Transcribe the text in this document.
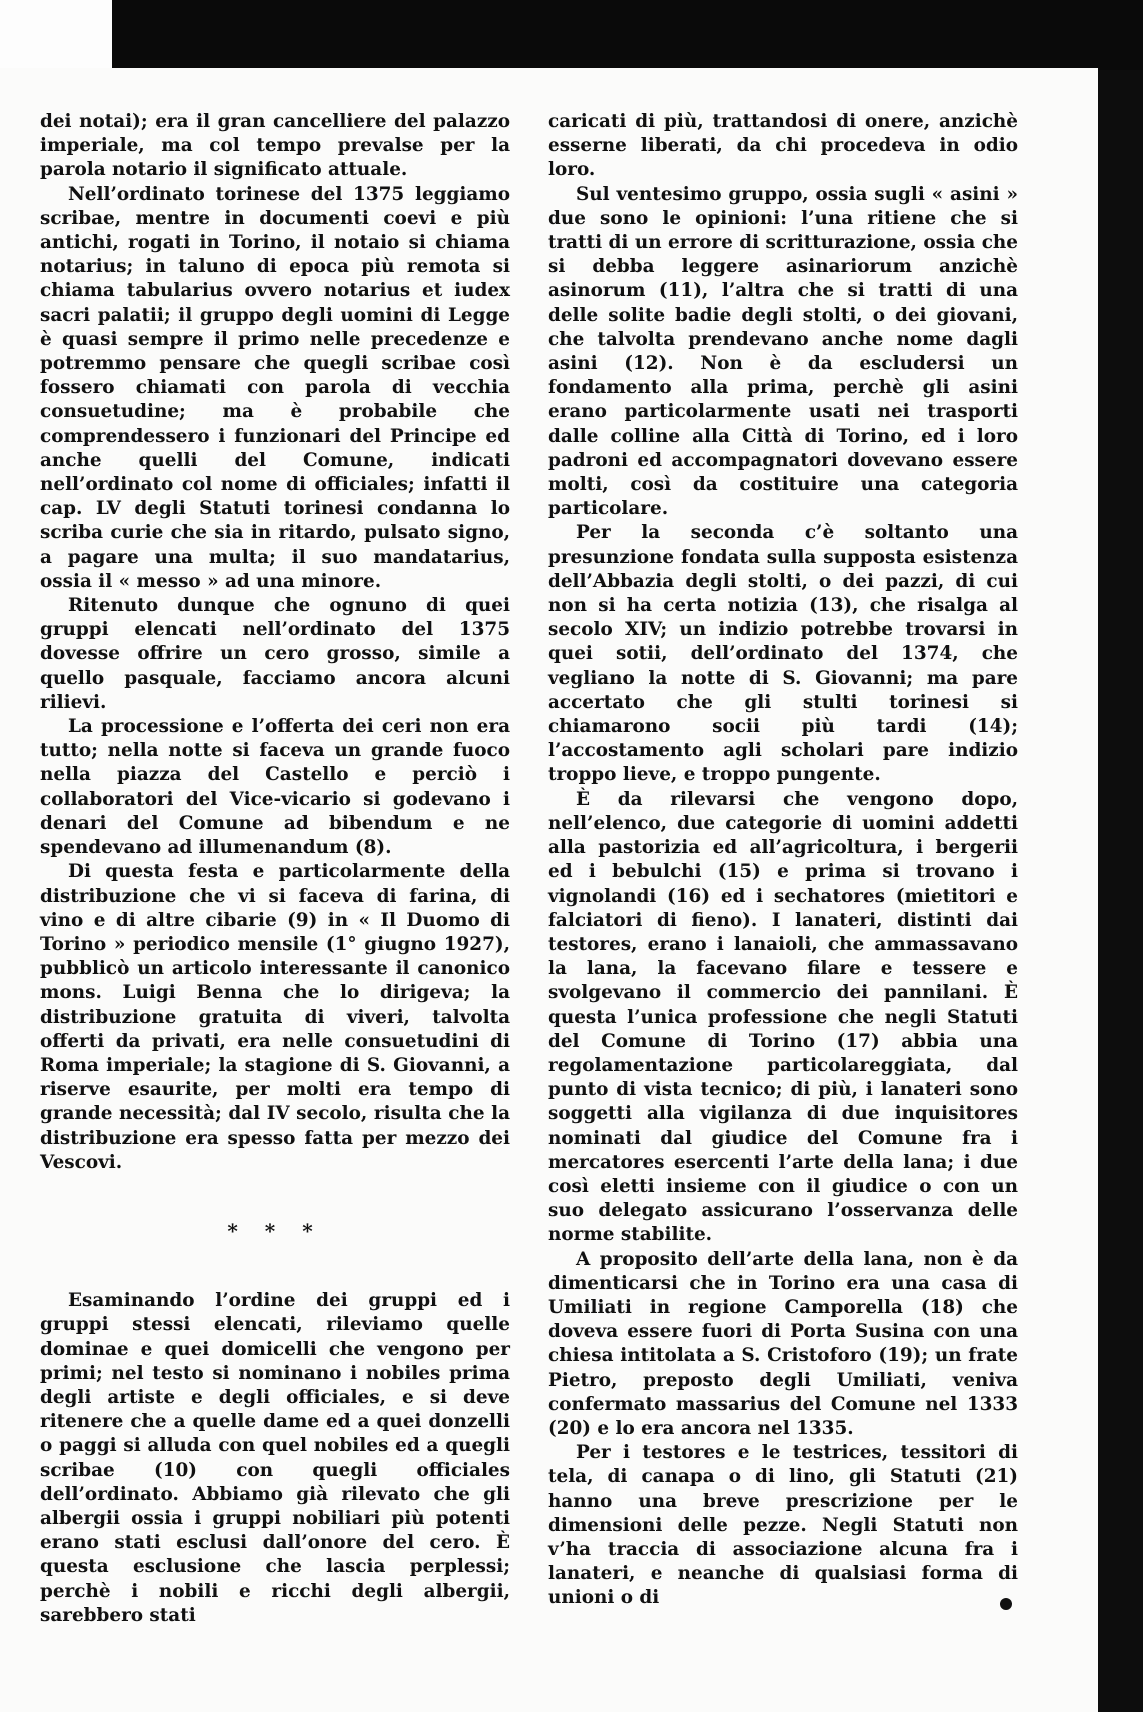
dei notai); era il gran cancelliere del palazzo imperiale, ma col tempo prevalse per la parola notario il significato attuale.

Nell’ordinato torinese del 1375 leggiamo scribae, mentre in documenti coevi e più antichi, rogati in Torino, il notaio si chiama notarius; in taluno di epoca più remota si chiama tabularius ovvero notarius et iudex sacri palatii; il gruppo degli uomini di Legge è quasi sempre il primo nelle precedenze e potremmo pensare che quegli scribae così fossero chiamati con parola di vecchia consuetudine; ma è probabile che comprendessero i funzionari del Principe ed anche quelli del Comune, indicati nell’ordinato col nome di officiales; infatti il cap. LV degli Statuti torinesi condanna lo scriba curie che sia in ritardo, pulsato signo, a pagare una multa; il suo mandatarius, ossia il « messo » ad una minore.

Ritenuto dunque che ognuno di quei gruppi elencati nell’ordinato del 1375 dovesse offrire un cero grosso, simile a quello pasquale, facciamo ancora alcuni rilievi.

La processione e l’offerta dei ceri non era tutto; nella notte si faceva un grande fuoco nella piazza del Castello e perciò i collaboratori del Vice-vicario si godevano i denari del Comune ad bibendum e ne spendevano ad illumenandum (8).

Di questa festa e particolarmente della distribuzione che vi si faceva di farina, di vino e di altre cibarie (9) in « Il Duomo di Torino » periodico mensile (1° giugno 1927), pubblicò un articolo interessante il canonico mons. Luigi Benna che lo dirigeva; la distribuzione gratuita di viveri, talvolta offerti da privati, era nelle consuetudini di Roma imperiale; la stagione di S. Giovanni, a riserve esaurite, per molti era tempo di grande necessità; dal IV secolo, risulta che la distribuzione era spesso fatta per mezzo dei Vescovi.

* * *

Esaminando l’ordine dei gruppi ed i gruppi stessi elencati, rileviamo quelle dominae e quei domicelli che vengono per primi; nel testo si nominano i nobiles prima degli artiste e degli officiales, e si deve ritenere che a quelle dame ed a quei donzelli o paggi si alluda con quel nobiles ed a quegli scribae (10) con quegli officiales dell’ordinato. Abbiamo già rilevato che gli albergii ossia i gruppi nobiliari più potenti erano stati esclusi dall’onore del cero. È questa esclusione che lascia perplessi; perchè i nobili e ricchi degli albergii, sarebbero stati

caricati di più, trattandosi di onere, anzichè esserne liberati, da chi procedeva in odio loro.

Sul ventesimo gruppo, ossia sugli « asini » due sono le opinioni: l’una ritiene che si tratti di un errore di scritturazione, ossia che si debba leggere asinariorum anzichè asinorum (11), l’altra che si tratti di una delle solite badie degli stolti, o dei giovani, che talvolta prendevano anche nome dagli asini (12). Non è da escludersi un fondamento alla prima, perchè gli asini erano particolarmente usati nei trasporti dalle colline alla Città di Torino, ed i loro padroni ed accompagnatori dovevano essere molti, così da costituire una categoria particolare.

Per la seconda c’è soltanto una presunzione fondata sulla supposta esistenza dell’Abbazia degli stolti, o dei pazzi, di cui non si ha certa notizia (13), che risalga al secolo XIV; un indizio potrebbe trovarsi in quei sotii, dell’ordinato del 1374, che vegliano la notte di S. Giovanni; ma pare accertato che gli stulti torinesi si chiamarono socii più tardi (14); l’accostamento agli scholari pare indizio troppo lieve, e troppo pungente.

È da rilevarsi che vengono dopo, nell’elenco, due categorie di uomini addetti alla pastorizia ed all’agricoltura, i bergerii ed i bebulchi (15) e prima si trovano i vignolandi (16) ed i sechatores (mietitori e falciatori di fieno). I lanateri, distinti dai testores, erano i lanaioli, che ammassavano la lana, la facevano filare e tessere e svolgevano il commercio dei pannilani. È questa l’unica professione che negli Statuti del Comune di Torino (17) abbia una regolamentazione particolareggiata, dal punto di vista tecnico; di più, i lanateri sono soggetti alla vigilanza di due inquisitores nominati dal giudice del Comune fra i mercatores esercenti l’arte della lana; i due così eletti insieme con il giudice o con un suo delegato assicurano l’osservanza delle norme stabilite.

A proposito dell’arte della lana, non è da dimenticarsi che in Torino era una casa di Umiliati in regione Camporella (18) che doveva essere fuori di Porta Susina con una chiesa intitolata a S. Cristoforo (19); un frate Pietro, preposto degli Umiliati, veniva confermato massarius del Comune nel 1333 (20) e lo era ancora nel 1335.

Per i testores e le testrices, tessitori di tela, di canapa o di lino, gli Statuti (21) hanno una breve prescrizione per le dimensioni delle pezze. Negli Statuti non v’ha traccia di associazione alcuna fra i lanateri, e neanche di qualsiasi forma di unioni o di
